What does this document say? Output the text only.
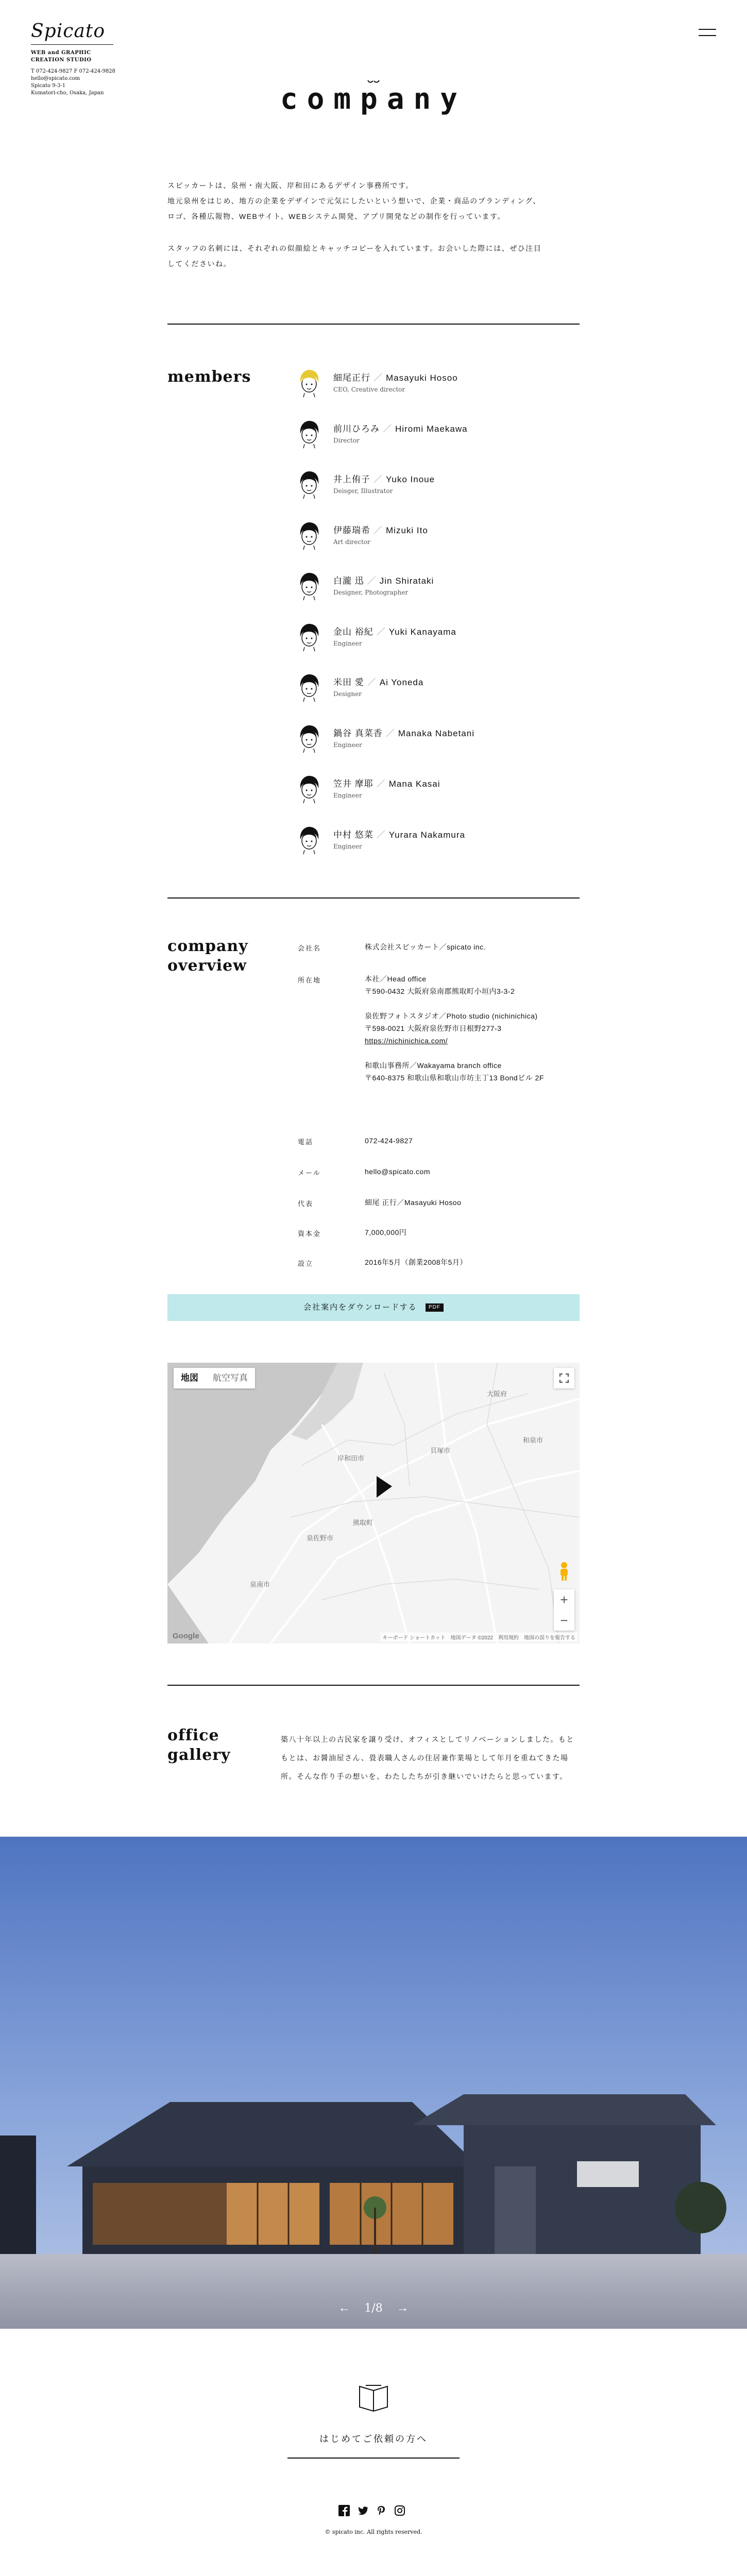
Spicato
WEB and GRAPHIC
CREATION STUDIO
T 072-424-9827 F 072-424-9828
hello@spicato.com
Spicato 9-3-1
Kumatori-cho, Osaka, Japan	company

スピッカートは、泉州・南大阪、岸和田にあるデザイン事務所です。

地元泉州をはじめ、地方の企業をデザインで元気にしたいという想いで、企業・商品のブランディング、

ロゴ、各種広報物、WEBサイト、WEBシステム開発、アプリ開発などの制作を行っています。

スタッフの名刺には、それぞれの似顔絵とキャッチコピーを入れています。お会いした際には、ぜひ注目

してくださいね。

members	細尾正行 ／ Masayuki Hosoo
CEO, Creative director
前川ひろみ ／ Hiromi Maekawa
Director
井上侑子 ／ Yuko Inoue
Deisger, Illustrator
伊藤瑞希 ／ Mizuki Ito
Art director
白瀧 迅 ／ Jin Shirataki
Designer, Photographer
金山 裕紀 ／ Yuki Kanayama
Engineer
米田 愛 ／ Ai Yoneda
Designer
鍋谷 真菜香 ／ Manaka Nabetani
Engineer
笠井 摩耶 ／ Mana Kasai
Engineer
中村 悠菜 ／ Yurara Nakamura
Engineer
company
overview
会社名	株式会社スピッカート／spicato inc.
所在地	本社／Head office
〒590-0432 大阪府泉南郡熊取町小垣内3-3-2
泉佐野フォトスタジオ／Photo studio (nichinichica)
〒598-0021 大阪府泉佐野市日根野277-3
https://nichinichica.com/
和歌山事務所／Wakayama branch office
〒640-8375 和歌山県和歌山市坊主丁13 Bondビル 2F
電話	072-424-9827
メール	hello@spicato.com
代表	細尾 正行／Masayuki Hosoo
資本金	7,000,000円
設立	2016年5月（創業2008年5月）
会社案内をダウンロードする PDF
地図	航空写真
大阪府
岸和田市
熊取町
泉佐野市
泉南市
貝塚市
和泉市
+
−
Google	キーボード ショートカット　地図データ ©2022　利用規約　地図の誤りを報告する
office
gallery
築八十年以上の古民家を譲り受け、オフィスとしてリノベーションしました。もともとは、お醤油屋さん、畳表職人さんの住居兼作業場として年月を重ねてきた場所。そんな作り手の想いを、わたしたちが引き継いでいけたらと思っています。
← 1/8 →
はじめてご依頼の方へ
© spicato inc. All rights reserved.
